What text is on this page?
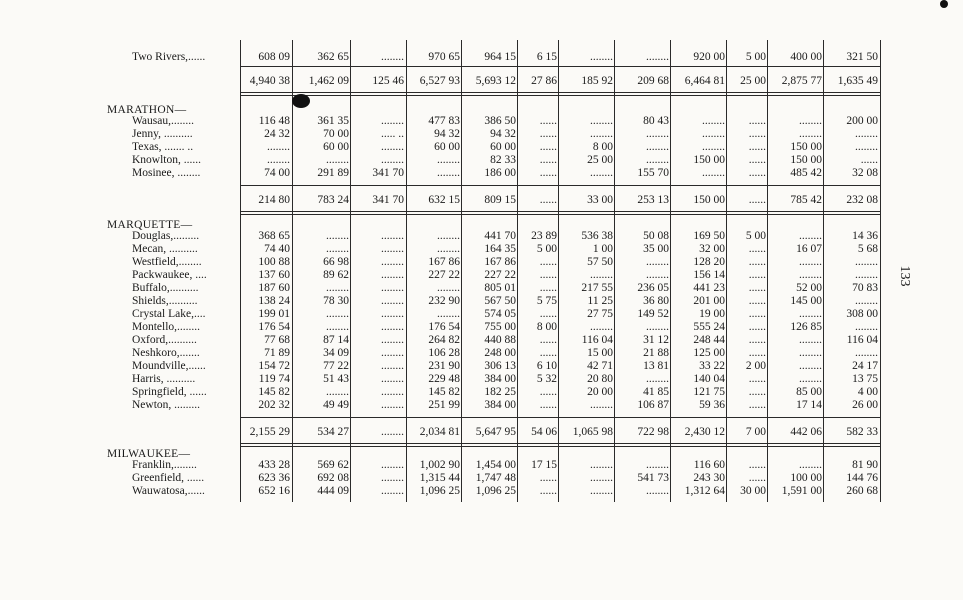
Two Rivers,......	608 09	362 65	........	970 65	964 15	6 15	........	........	920 00	5 00	400 00	321 50
4,940 38	1,462 09	125 46	6,527 93	5,693 12	27 86	185 92	209 68	6,464 81	25 00	2,875 77	1,635 49
MARATHON—
Wausau,........	116 48	361 35	........	477 83	386 50	......	........	80 43	........	......	........	200 00
Jenny, ..........	24 32	70 00	..... ..	94 32	94 32	......	........	........	........	......	........	........
Texas, ....... ..	........	60 00	........	60 00	60 00	......	8 00	........	........	......	150 00	........
Knowlton, ......	........	........	........	........	82 33	......	25 00	........	150 00	......	150 00	......
Mosinee, ........	74 00	291 89	341 70	........	186 00	......	........	155 70	........	......	485 42	32 08
214 80	783 24	341 70	632 15	809 15	......	33 00	253 13	150 00	......	785 42	232 08
MARQUETTE—
Douglas,.........	368 65	........	........	........	441 70	23 89	536 38	50 08	169 50	5 00	........	14 36
Mecan, ..........	74 40	........	........	........	164 35	5 00	1 00	35 00	32 00	......	16 07	5 68
Westfield,........	100 88	66 98	........	167 86	167 86	......	57 50	........	128 20	......	........	........
Packwaukee, ....	137 60	89 62	........	227 22	227 22	......	........	........	156 14	......	........	........
Buffalo,..........	187 60	........	........	........	805 01	......	217 55	236 05	441 23	......	52 00	70 83
Shields,..........	138 24	78 30	........	232 90	567 50	5 75	11 25	36 80	201 00	......	145 00	........
Crystal Lake,....	199 01	........	........	........	574 05	......	27 75	149 52	19 00	......	........	308 00
Montello,........	176 54	........	........	176 54	755 00	8 00	........	........	555 24	......	126 85	........
Oxford,..........	77 68	87 14	........	264 82	440 88	......	116 04	31 12	248 44	......	........	116 04
Neshkoro,.......	71 89	34 09	........	106 28	248 00	......	15 00	21 88	125 00	......	........	........
Moundville,......	154 72	77 22	........	231 90	306 13	6 10	42 71	13 81	33 22	2 00	........	24 17
Harris, ..........	119 74	51 43	........	229 48	384 00	5 32	20 80	........	140 04	......	........	13 75
Springfield, ......	145 82	........	........	145 82	182 25	......	20 00	41 85	121 75	......	85 00	4 00
Newton, .........	202 32	49 49	........	251 99	384 00	......	........	106 87	59 36	......	17 14	26 00
2,155 29	534 27	........	2,034 81	5,647 95	54 06	1,065 98	722 98	2,430 12	7 00	442 06	582 33
MILWAUKEE—
Franklin,........	433 28	569 62	........	1,002 90	1,454 00	17 15	........	........	116 60	......	........	81 90
Greenfield, ......	623 36	692 08	........	1,315 44	1,747 48	......	........	541 73	243 30	......	100 00	144 76
Wauwatosa,......	652 16	444 09	........	1,096 25	1,096 25	......	........	........	1,312 64	30 00	1,591 00	260 68
133
